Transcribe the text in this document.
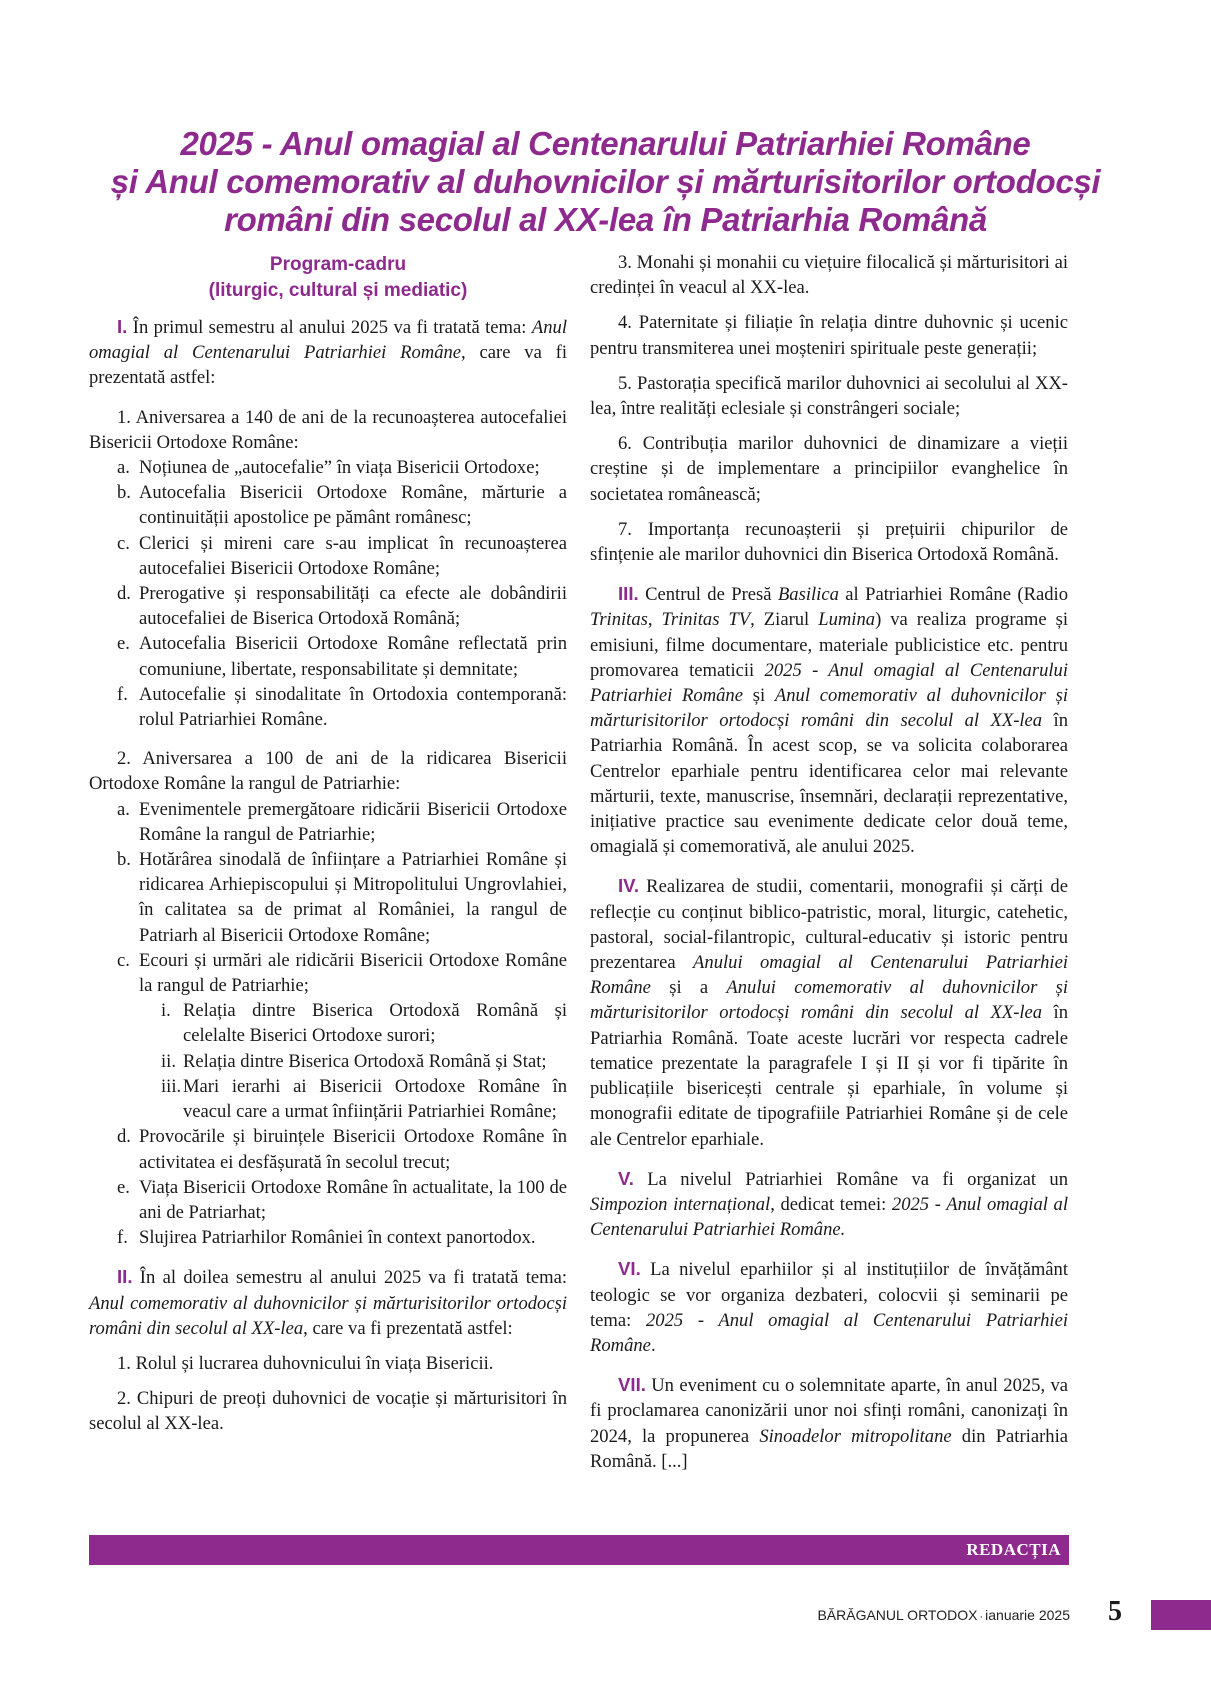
2025 - Anul omagial al Centenarului Patriarhiei Române
și Anul comemorativ al duhovnicilor și mărturisitorilor ortodocși
români din secolul al XX-lea în Patriarhia Română
Program-cadru
(liturgic, cultural și mediatic)

I. În primul semestru al anului 2025 va fi tratată tema: Anul omagial al Centenarului Patriarhiei Române, care va fi prezentată astfel:

1. Aniversarea a 140 de ani de la recunoașterea autocefaliei Bisericii Ortodoxe Române:

a. Noțiunea de „autocefalie” în viața Bisericii Ortodoxe;
b. Autocefalia Bisericii Ortodoxe Române, mărturie a continuității apostolice pe pământ românesc;
c. Clerici și mireni care s-au implicat în recunoașterea autocefaliei Bisericii Ortodoxe Române;
d. Prerogative și responsabilități ca efecte ale dobândirii autocefaliei de Biserica Ortodoxă Română;
e. Autocefalia Bisericii Ortodoxe Române reflectată prin comuniune, libertate, responsabilitate și demnitate;
f. Autocefalie și sinodalitate în Ortodoxia contemporană: rolul Patriarhiei Române.

2. Aniversarea a 100 de ani de la ridicarea Bisericii Ortodoxe Române la rangul de Patriarhie:

a. Evenimentele premergătoare ridicării Bisericii Ortodoxe Române la rangul de Patriarhie;
b. Hotărârea sinodală de înființare a Patriarhiei Române și ridicarea Arhiepiscopului și Mitropolitului Ungrovlahiei, în calitatea sa de primat al României, la rangul de Patriarh al Bisericii Ortodoxe Române;
c. Ecouri și urmări ale ridicării Bisericii Ortodoxe Române la rangul de Patriarhie;
i. Relația dintre Biserica Ortodoxă Română și celelalte Biserici Ortodoxe surori;
ii. Relația dintre Biserica Ortodoxă Română și Stat;
iii. Mari ierarhi ai Bisericii Ortodoxe Române în veacul care a urmat înființării Patriarhiei Române;
d. Provocările și biruințele Bisericii Ortodoxe Române în activitatea ei desfășurată în secolul trecut;
e. Viața Bisericii Ortodoxe Române în actualitate, la 100 de ani de Patriarhat;
f. Slujirea Patriarhilor României în context panortodox.

II. În al doilea semestru al anului 2025 va fi tratată tema: Anul comemorativ al duhovnicilor și mărturisitorilor ortodocși români din secolul al XX-lea, care va fi prezentată astfel:

1. Rolul și lucrarea duhovnicului în viața Bisericii.

2. Chipuri de preoți duhovnici de vocație și mărturisitori în secolul al XX-lea.

3. Monahi și monahii cu viețuire filocalică și mărturisitori ai credinței în veacul al XX-lea.

4. Paternitate și filiație în relația dintre duhovnic și ucenic pentru transmiterea unei moșteniri spirituale peste generații;

5. Pastorația specifică marilor duhovnici ai secolului al XX-lea, între realități eclesiale și constrângeri sociale;

6. Contribuția marilor duhovnici de dinamizare a vieții creștine și de implementare a principiilor evanghelice în societatea românească;

7. Importanța recunoașterii și prețuirii chipurilor de sfințenie ale marilor duhovnici din Biserica Ortodoxă Română.

III. Centrul de Presă Basilica al Patriarhiei Române (Radio Trinitas, Trinitas TV, Ziarul Lumina) va realiza programe și emisiuni, filme documentare, materiale publicistice etc. pentru promovarea tematicii 2025 - Anul omagial al Centenarului Patriarhiei Române și Anul comemorativ al duhovnicilor și mărturisitorilor ortodocși români din secolul al XX-lea în Patriarhia Română. În acest scop, se va solicita colaborarea Centrelor eparhiale pentru identificarea celor mai relevante mărturii, texte, manuscrise, însemnări, declarații reprezentative, inițiative practice sau evenimente dedicate celor două teme, omagială și comemorativă, ale anului 2025.

IV. Realizarea de studii, comentarii, monografii și cărți de reflecție cu conținut biblico-patristic, moral, liturgic, catehetic, pastoral, social-filantropic, cultural-educativ și istoric pentru prezentarea Anului omagial al Centenarului Patriarhiei Române și a Anului comemorativ al duhovnicilor și mărturisitorilor ortodocși români din secolul al XX-lea în Patriarhia Română. Toate aceste lucrări vor respecta cadrele tematice prezentate la paragrafele I și II și vor fi tipărite în publicațiile bisericești centrale și eparhiale, în volume și monografii editate de tipografiile Patriarhiei Române și de cele ale Centrelor eparhiale.

V. La nivelul Patriarhiei Române va fi organizat un Simpozion internațional, dedicat temei: 2025 - Anul omagial al Centenarului Patriarhiei Române.

VI. La nivelul eparhiilor și al instituțiilor de învățământ teologic se vor organiza dezbateri, colocvii și seminarii pe tema: 2025 - Anul omagial al Centenarului Patriarhiei Române.

VII. Un eveniment cu o solemnitate aparte, în anul 2025, va fi proclamarea canonizării unor noi sfinți români, canonizați în 2024, la propunerea Sinoadelor mitropolitane din Patriarhia Română. [...]

REDACȚIA
BĂRĂGANUL ORTODOX · ianuarie 2025 5
